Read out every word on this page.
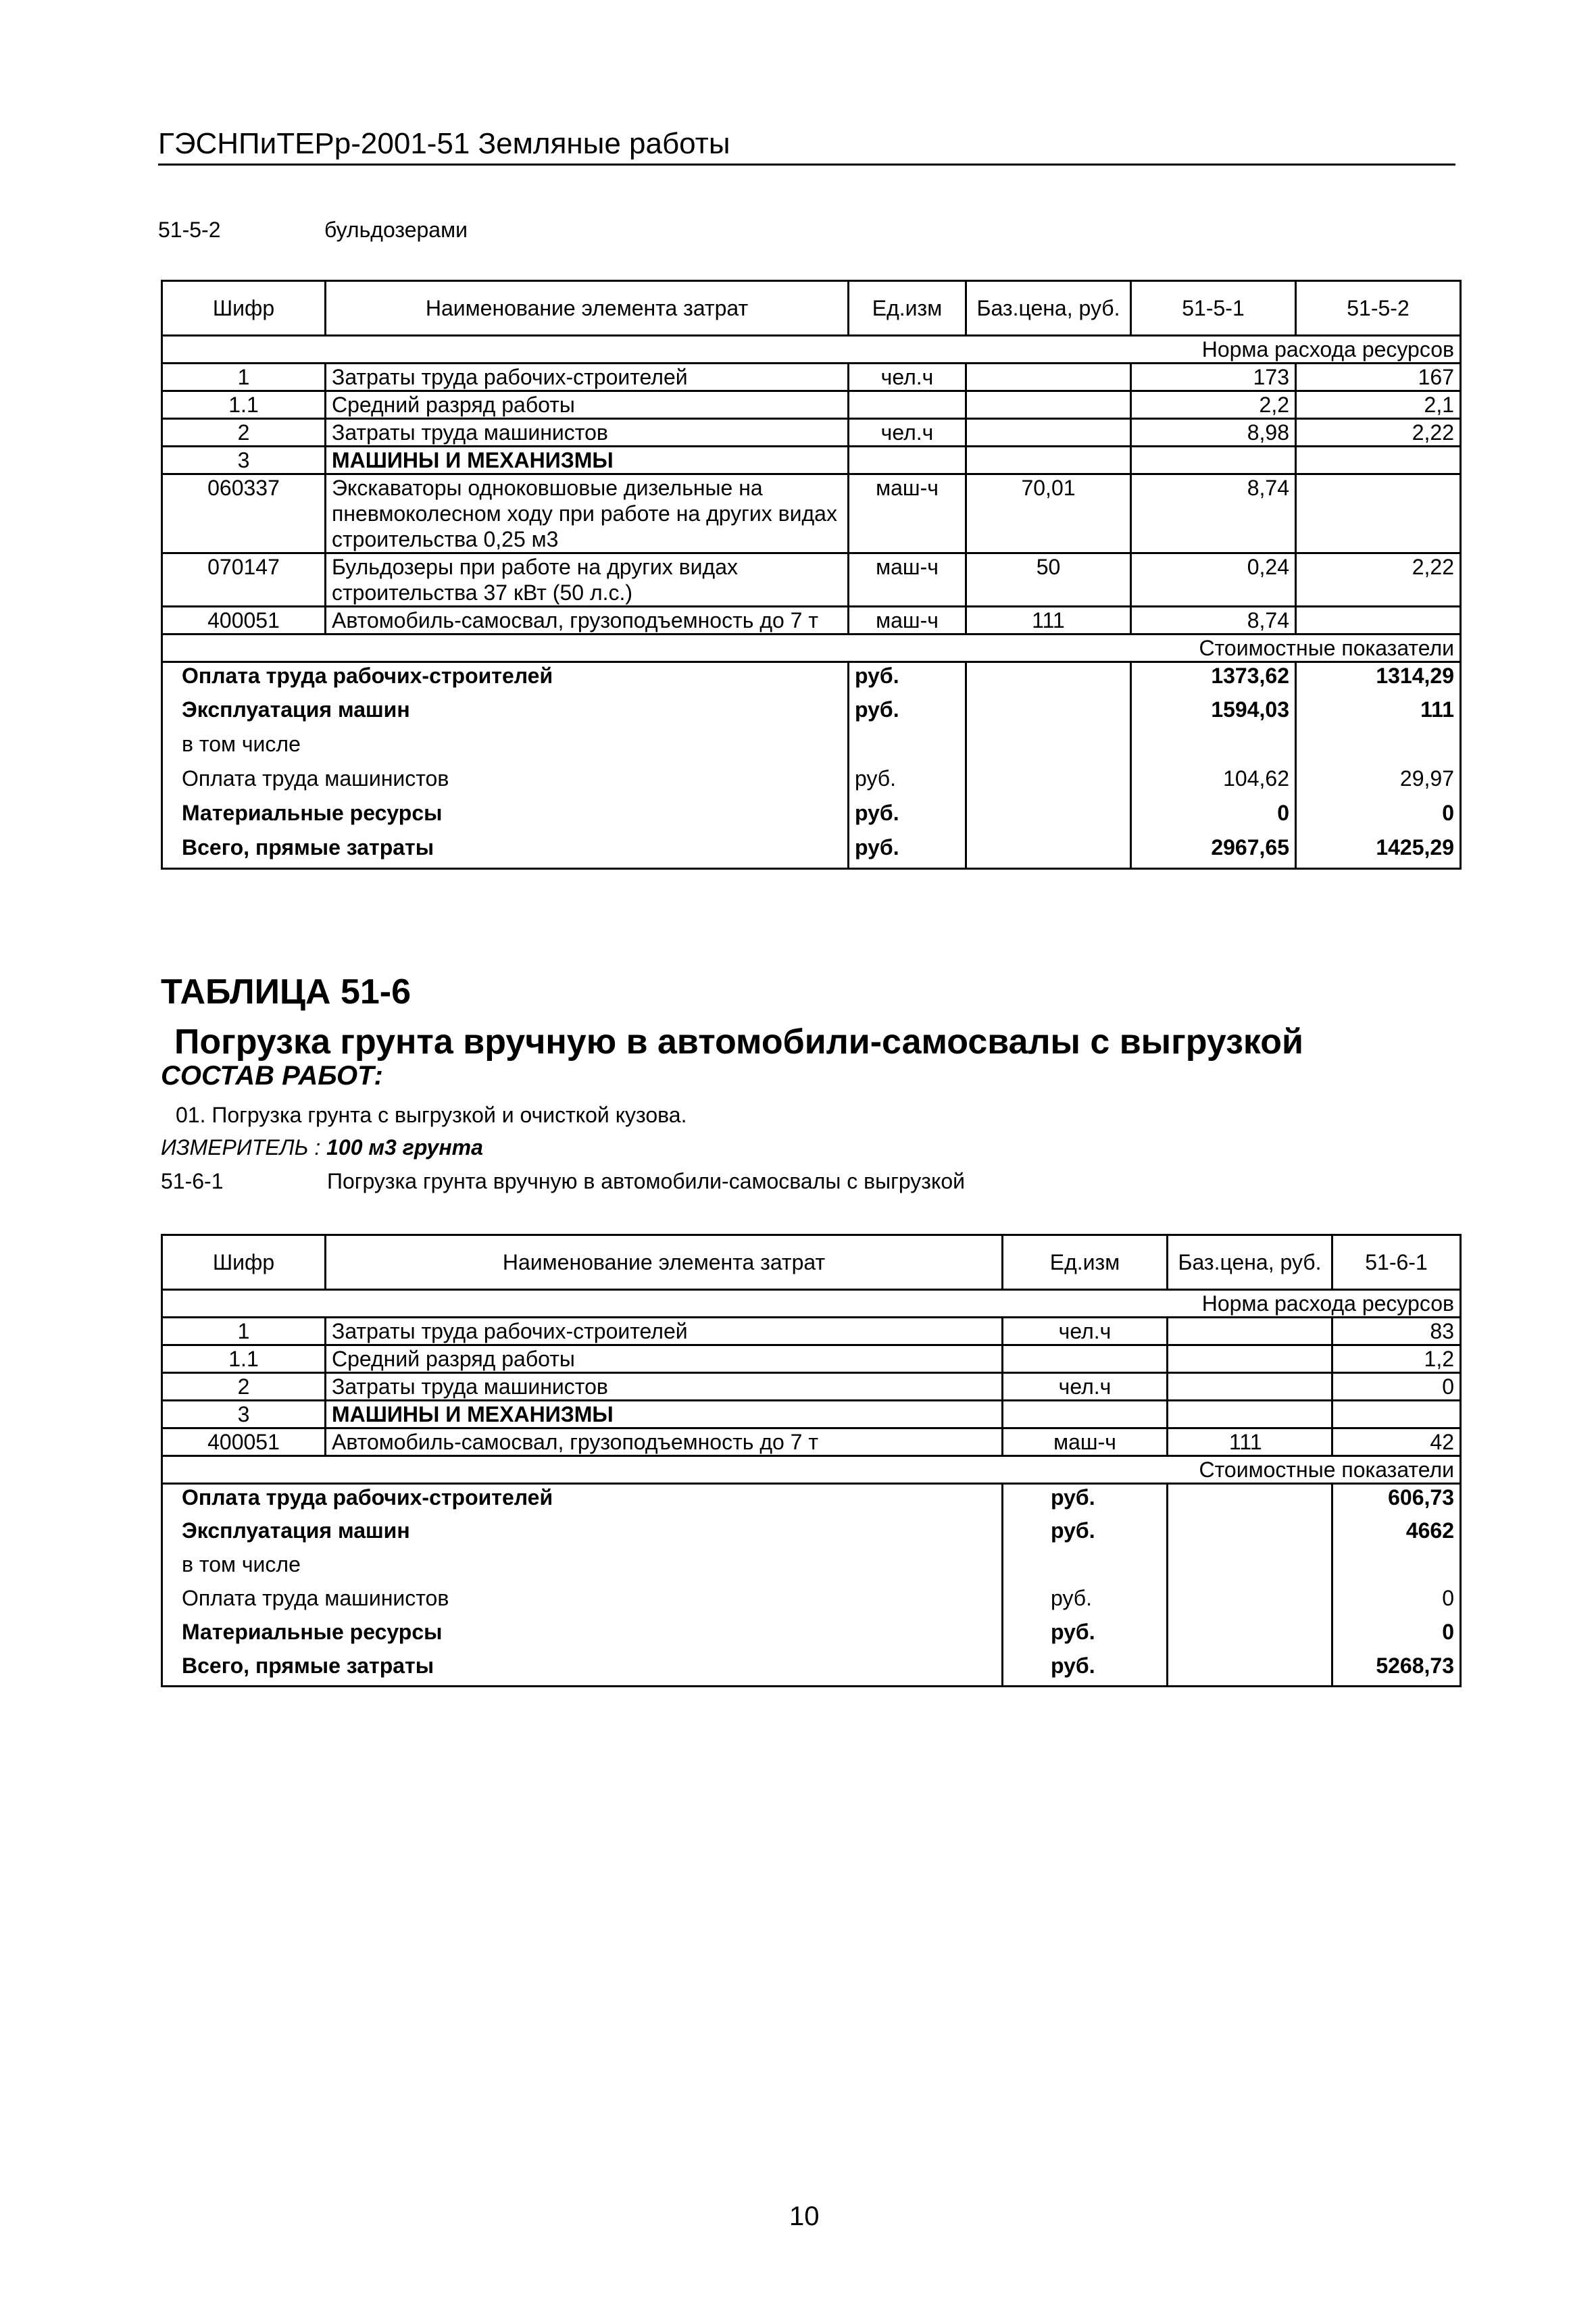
ГЭСНПиТЕРр-2001-51 Земляные работы
51-5-2	бульдозерами
Шифр	Наименование элемента затрат	Ед.изм	Баз.цена, руб.	51-5-1	51-5-2
Норма расхода ресурсов					
1	Затраты труда рабочих-строителей	чел.ч		173	167
1.1	Средний разряд работы			2,2	2,1
2	Затраты труда машинистов	чел.ч		8,98	2,22
3	МАШИНЫ И МЕХАНИЗМЫ				
060337	Экскаваторы одноковшовые дизельные на пневмоколесном ходу при работе на других видах строительства 0,25 м3	маш-ч	70,01	8,74	
070147	Бульдозеры при работе на других видах строительства 37 кВт (50 л.с.)	маш-ч	50	0,24	2,22
400051	Автомобиль-самосвал, грузоподъемность до 7 т	маш-ч	111	8,74	
Стоимостные показатели					
Оплата труда рабочих-строителей		руб.		1373,62	1314,29
Эксплуатация машин		руб.		1594,03	111
в том числе					
Оплата труда машинистов		руб.		104,62	29,97
Материальные ресурсы		руб.		0	0
Всего, прямые затраты		руб.		2967,65	1425,29
ТАБЛИЦА 51-6
Погрузка грунта вручную в автомобили-самосвалы с выгрузкой
СОСТАВ РАБОТ:
01. Погрузка грунта с выгрузкой и очисткой кузова.
ИЗМЕРИТЕЛЬ : 100 м3 грунта
51-6-1	Погрузка грунта вручную в автомобили-самосвалы с выгрузкой
Шифр	Наименование элемента затрат	Ед.изм	Баз.цена, руб.	51-6-1
Норма расхода ресурсов				
1	Затраты труда рабочих-строителей	чел.ч		83
1.1	Средний разряд работы			1,2
2	Затраты труда машинистов	чел.ч		0
3	МАШИНЫ И МЕХАНИЗМЫ			
400051	Автомобиль-самосвал, грузоподъемность до 7 т	маш-ч	111	42
Стоимостные показатели				
Оплата труда рабочих-строителей		руб.		606,73
Эксплуатация машин		руб.		4662
в том числе				
Оплата труда машинистов		руб.		0
Материальные ресурсы		руб.		0
Всего, прямые затраты		руб.		5268,73
10
